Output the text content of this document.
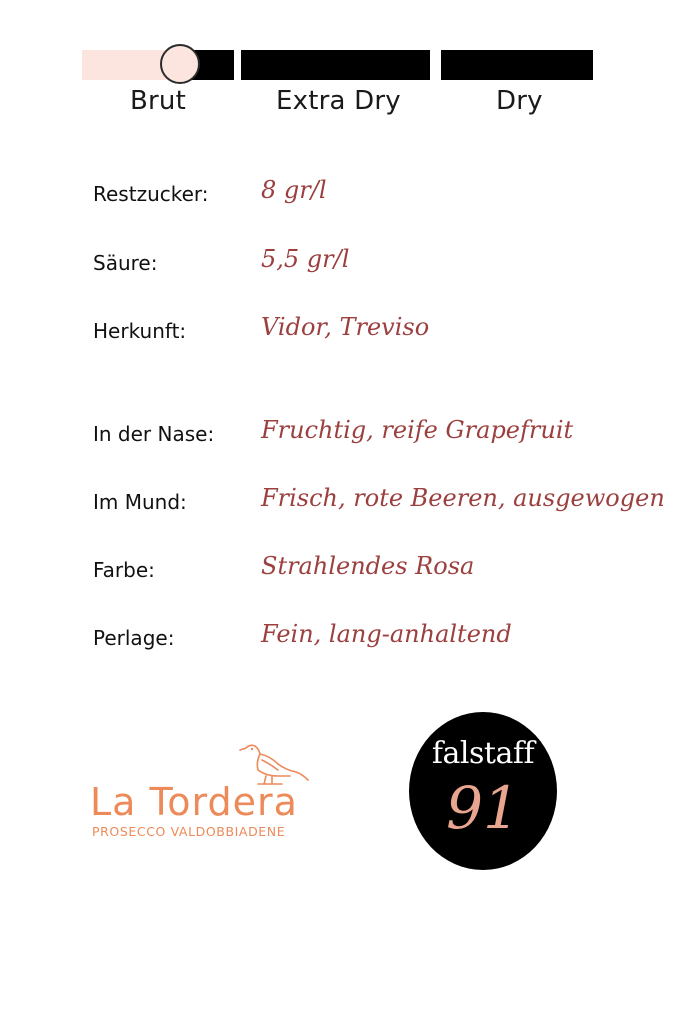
Brut	Extra Dry	Dry
Restzucker: 8 gr/l
Säure:	5,5 gr/l
Herkunft:	Vidor, Treviso
In der Nase: Fruchtig, reife Grapefruit
Im Mund:	Frisch, rote Beeren, ausgewogen
Farbe:	Strahlendes Rosa
Perlage:	Fein, lang-anhaltend
La Tordera
PROSECCO VALDOBBIADENE
falstaff
91
